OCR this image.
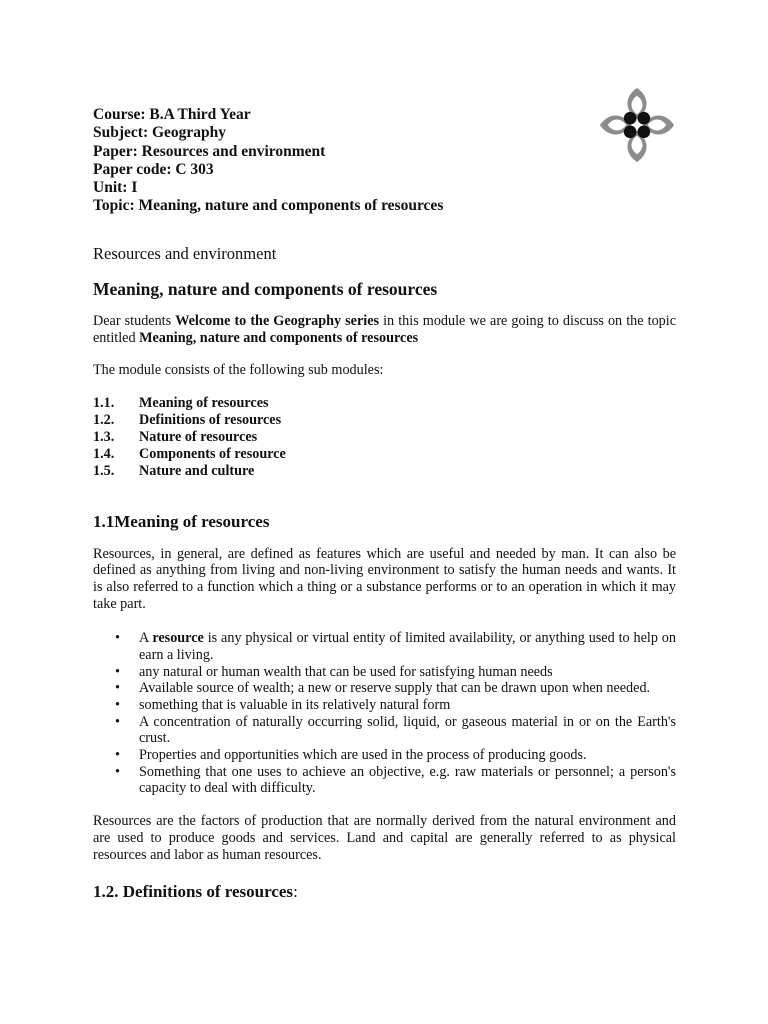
Course: B.A Third Year
Subject: Geography
Paper: Resources and environment
Paper code: C 303
Unit: I
Topic: Meaning, nature and components of resources
Resources and environment
Meaning, nature and components of resources

Dear students Welcome to the Geography series in this module we are going to discuss on the topic entitled Meaning, nature and components of resources

The module consists of the following sub modules:

1.1.	Meaning of resources
1.2.	Definitions of resources
1.3.	Nature of resources
1.4.	Components of resource
1.5.	Nature and culture
1.1Meaning of resources

Resources, in general, are defined as features which are useful and needed by man. It can also be defined as anything from living and non-living environment to satisfy the human needs and wants. It is also referred to a function which a thing or a substance performs or to an operation in which it may take part.

• A resource is any physical or virtual entity of limited availability, or anything used to help on earn a living.
• any natural or human wealth that can be used for satisfying human needs
• Available source of wealth; a new or reserve supply that can be drawn upon when needed.
• something that is valuable in its relatively natural form
• A concentration of naturally occurring solid, liquid, or gaseous material in or on the Earth's crust.
• Properties and opportunities which are used in the process of producing goods.
• Something that one uses to achieve an objective, e.g. raw materials or personnel; a person's capacity to deal with difficulty.

Resources are the factors of production that are normally derived from the natural environment and are used to produce goods and services. Land and capital are generally referred to as physical resources and labor as human resources.

1.2. Definitions of resources:
